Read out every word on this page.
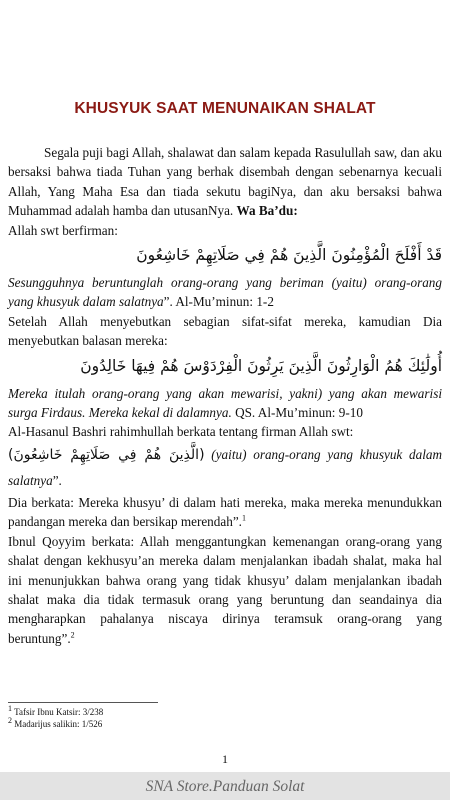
KHUSYUK SAAT MENUNAIKAN SHALAT
Segala puji bagi Allah, shalawat dan salam kepada Rasulullah saw, dan aku bersaksi bahwa tiada Tuhan yang berhak disembah dengan sebenarnya kecuali Allah, Yang Maha Esa dan tiada sekutu bagiNya, dan aku bersaksi bahwa Muhammad adalah hamba dan utusanNya. Wa Ba’du:
Allah swt berfirman:
قَدْ أَفْلَحَ الْمُؤْمِنُونَ الَّذِينَ هُمْ فِي صَلَاتِهِمْ خَاشِعُونَ
Sesungguhnya beruntunglah orang-orang yang beriman (yaitu) orang-orang yang khusyuk dalam salatnya”. Al-Mu’minun: 1-2
Setelah Allah menyebutkan sebagian sifat-sifat mereka, kamudian Dia menyebutkan balasan mereka:
أُولَٰئِكَ هُمُ الْوَارِثُونَ الَّذِينَ يَرِثُونَ الْفِرْدَوْسَ هُمْ فِيهَا خَالِدُونَ
Mereka itulah orang-orang yang akan mewarisi, yakni) yang akan mewarisi surga Firdaus. Mereka kekal di dalamnya. QS. Al-Mu’minun: 9-10
Al-Hasanul Bashri rahimhullah berkata tentang firman Allah swt:
(الَّذِينَ هُمْ فِي صَلَاتِهِمْ خَاشِعُونَ) (yaitu) orang-orang yang khusyuk dalam salatnya”.
Dia berkata: Mereka khusyu’ di dalam hati mereka, maka mereka menundukkan pandangan mereka dan bersikap merendah”.$^1$
Ibnul Qoyyim berkata: Allah menggantungkan kemenangan orang-orang yang shalat dengan kekhusyu’an mereka dalam menjalankan ibadah shalat, maka hal ini menunjukkan bahwa orang yang tidak khusyu’ dalam menjalankan ibadah shalat maka dia tidak termasuk orang yang beruntung dan seandainya dia mengharapkan pahalanya niscaya dirinya teramsuk orang-orang yang beruntung”.$^2$
$^1$ Tafsir Ibnu Katsir: 3/238
$^2$ Madarijus salikin: 1/526
1
SNA Store.Panduan Solat
